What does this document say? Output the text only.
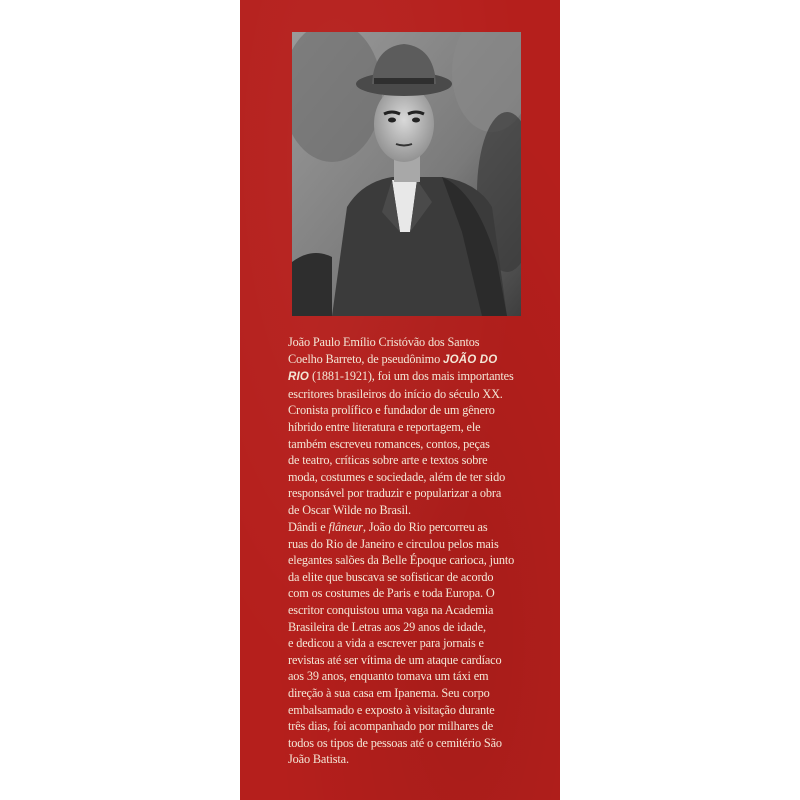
João Paulo Emílio Cristóvão dos Santos
Coelho Barreto, de pseudônimo JOÃO DO
RIO (1881-1921), foi um dos mais importantes
escritores brasileiros do início do século XX.
Cronista prolífico e fundador de um gênero
híbrido entre literatura e reportagem, ele
também escreveu romances, contos, peças
de teatro, críticas sobre arte e textos sobre
moda, costumes e sociedade, além de ter sido
responsável por traduzir e popularizar a obra
de Oscar Wilde no Brasil.

Dândi e flâneur, João do Rio percorreu as
ruas do Rio de Janeiro e circulou pelos mais
elegantes salões da Belle Époque carioca, junto
da elite que buscava se sofisticar de acordo
com os costumes de Paris e toda Europa. O
escritor conquistou uma vaga na Academia
Brasileira de Letras aos 29 anos de idade,
e dedicou a vida a escrever para jornais e
revistas até ser vítima de um ataque cardíaco
aos 39 anos, enquanto tomava um táxi em
direção à sua casa em Ipanema. Seu corpo
embalsamado e exposto à visitação durante
três dias, foi acompanhado por milhares de
todos os tipos de pessoas até o cemitério São
João Batista.
